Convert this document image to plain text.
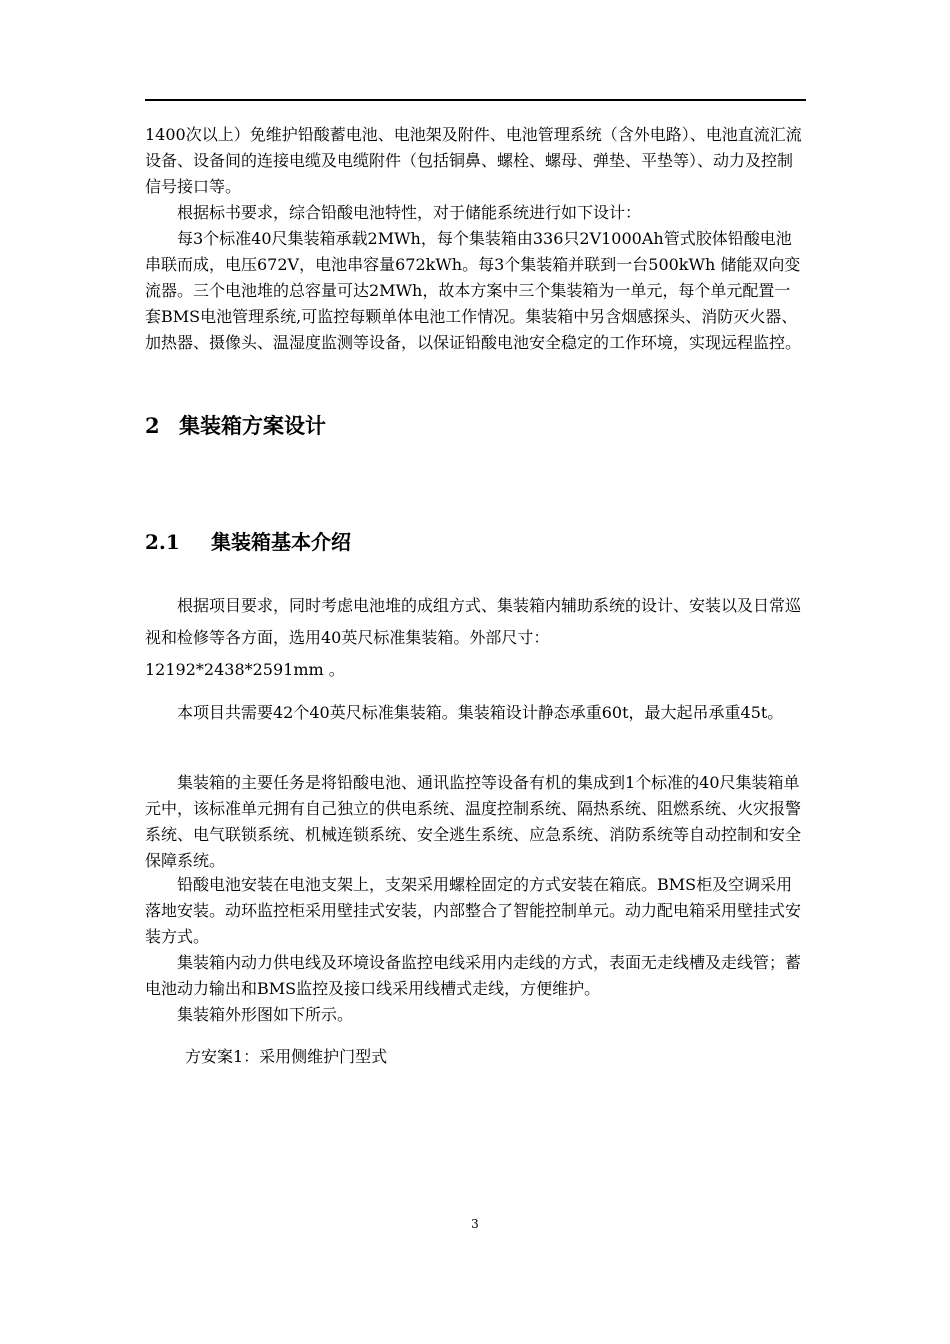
1400次以上）免维护铅酸蓄电池、电池架及附件、电池管理系统（含外电路）、电池直流汇流设备、设备间的连接电缆及电缆附件（包括铜鼻、螺栓、螺母、弹垫、平垫等）、动力及控制信号接口等。

根据标书要求，综合铅酸电池特性，对于储能系统进行如下设计：

每3个标准40尺集装箱承载2MWh，每个集装箱由336只2V1000Ah管式胶体铅酸电池串联而成，电压672V，电池串容量672kWh。每3个集装箱并联到一台500kWh 储能双向变流器。三个电池堆的总容量可达2MWh，故本方案中三个集装箱为一单元，每个单元配置一套BMS电池管理系统,可监控每颗单体电池工作情况。集装箱中另含烟感探头、消防灭火器、加热器、摄像头、温湿度监测等设备，以保证铅酸电池安全稳定的工作环境，实现远程监控。

2 集装箱方案设计
2.1 集装箱基本介绍

根据项目要求，同时考虑电池堆的成组方式、集装箱内辅助系统的设计、安装以及日常巡视和检修等各方面，选用40英尺标准集装箱。外部尺寸：
12192*2438*2591mm 。

本项目共需要42个40英尺标准集装箱。集装箱设计静态承重60t，最大起吊承重45t。

集装箱的主要任务是将铅酸电池、通讯监控等设备有机的集成到1个标准的40尺集装箱单元中，该标准单元拥有自己独立的供电系统、温度控制系统、隔热系统、阻燃系统、火灾报警系统、电气联锁系统、机械连锁系统、安全逃生系统、应急系统、消防系统等自动控制和安全保障系统。

铅酸电池安装在电池支架上，支架采用螺栓固定的方式安装在箱底。BMS柜及空调采用落地安装。动环监控柜采用壁挂式安装，内部整合了智能控制单元。动力配电箱采用壁挂式安装方式。

集装箱内动力供电线及环境设备监控电线采用内走线的方式，表面无走线槽及走线管；蓄电池动力输出和BMS监控及接口线采用线槽式走线，方便维护。

集装箱外形图如下所示。

方安案1：采用侧维护门型式

3
